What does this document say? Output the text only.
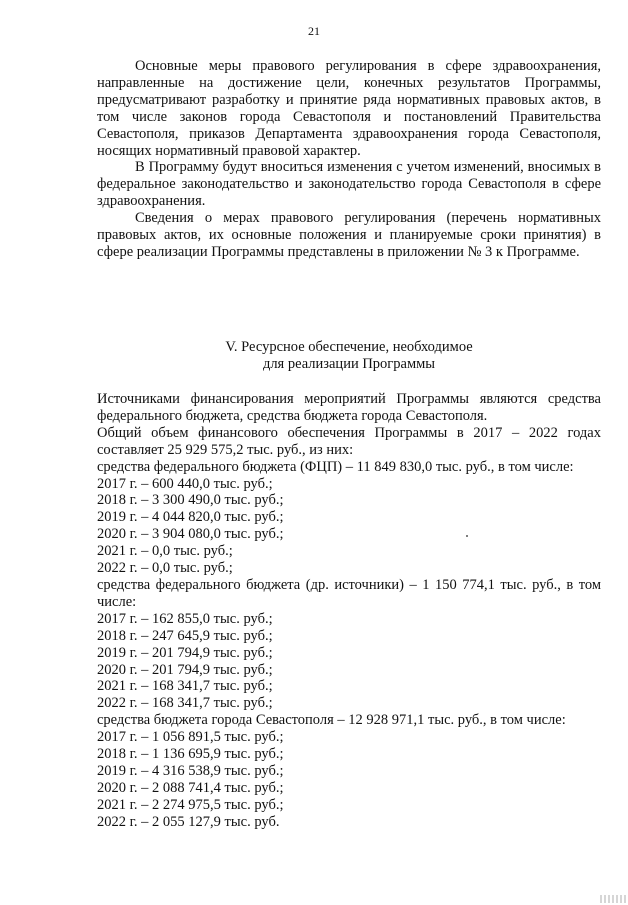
21

Основные меры правового регулирования в сфере здравоохранения, направленные на достижение цели, конечных результатов Программы, предусматривают разработку и принятие ряда нормативных правовых актов, в том числе законов города Севастополя и постановлений Правительства Севастополя, приказов Департамента здравоохранения города Севастополя, носящих нормативный правовой характер.

В Программу будут вноситься изменения с учетом изменений, вносимых в федеральное законодательство и законодательство города Севастополя в сфере здравоохранения.

Сведения о мерах правового регулирования (перечень нормативных правовых актов, их основные положения и планируемые сроки принятия) в сфере реализации Программы представлены в приложении № 3 к Программе.

V. Ресурсное обеспечение, необходимое
для реализации Программы

Источниками финансирования мероприятий Программы являются средства федерального бюджета, средства бюджета города Севастополя.

Общий объем финансового обеспечения Программы в 2017 – 2022 годах составляет 25 929 575,2 тыс. руб., из них:

средства федерального бюджета (ФЦП) – 11 849 830,0 тыс. руб., в том числе:
2017 г. – 600 440,0 тыс. руб.;
2018 г. – 3 300 490,0 тыс. руб.;
2019 г. – 4 044 820,0 тыс. руб.;
2020 г. – 3 904 080,0 тыс. руб.;
2021 г. – 0,0 тыс. руб.;
2022 г. – 0,0 тыс. руб.;
средства федерального бюджета (др. источники) – 1 150 774,1 тыс. руб., в том
числе:
2017 г. – 162 855,0 тыс. руб.;
2018 г. – 247 645,9 тыс. руб.;
2019 г. – 201 794,9 тыс. руб.;
2020 г. – 201 794,9 тыс. руб.;
2021 г. – 168 341,7 тыс. руб.;
2022 г. – 168 341,7 тыс. руб.;
средства бюджета города Севастополя – 12 928 971,1 тыс. руб., в том числе:
2017 г. – 1 056 891,5 тыс. руб.;
2018 г. – 1 136 695,9 тыс. руб.;
2019 г. – 4 316 538,9 тыс. руб.;
2020 г. – 2 088 741,4 тыс. руб.;
2021 г. – 2 274 975,5 тыс. руб.;
2022 г. – 2 055 127,9 тыс. руб.
